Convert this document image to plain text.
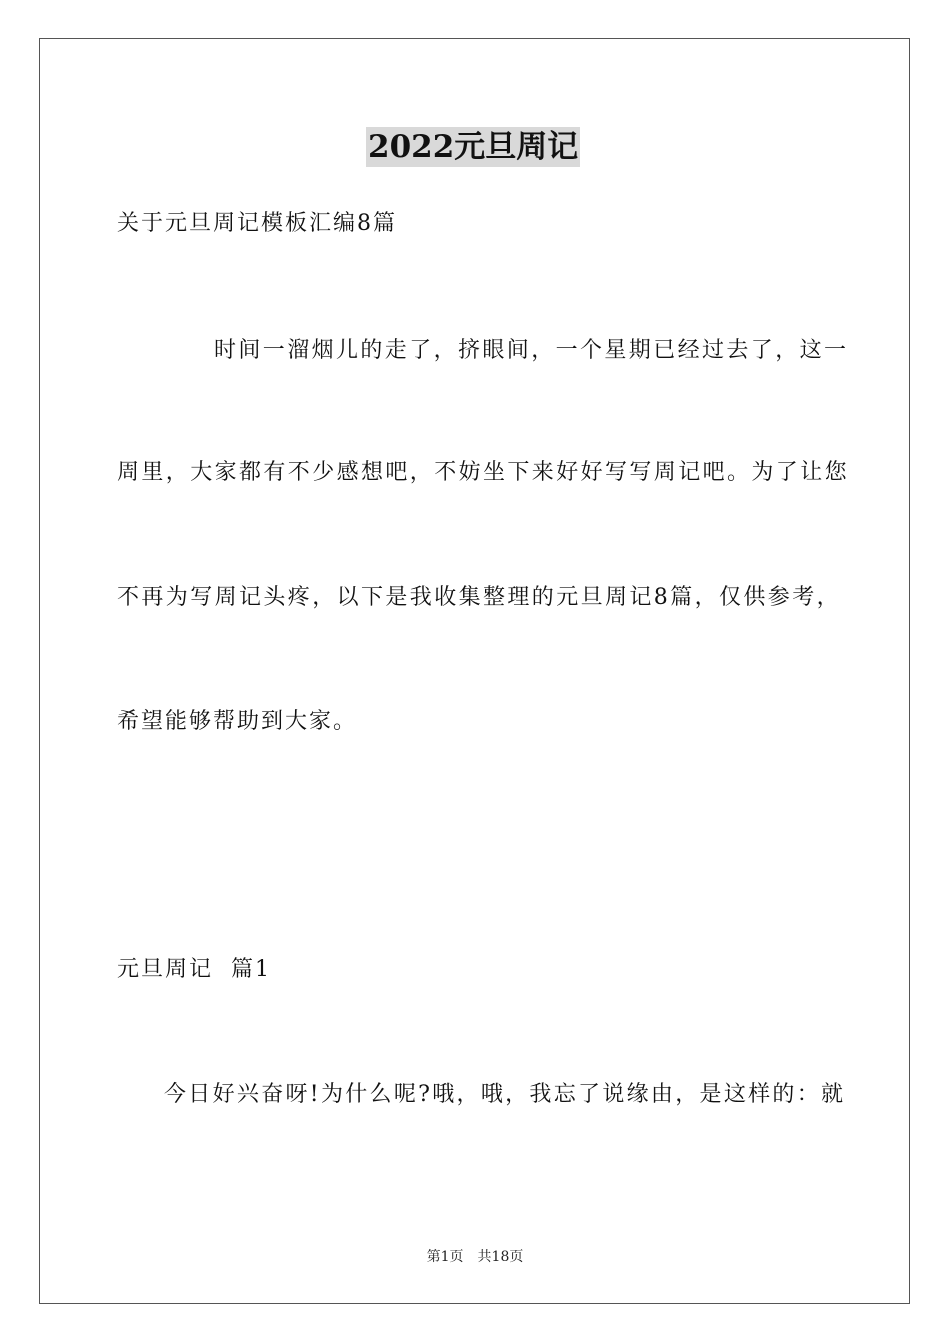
2022元旦周记
关于元旦周记模板汇编8篇
时间一溜烟儿的走了，挤眼间，一个星期已经过去了，这一
周里，大家都有不少感想吧，不妨坐下来好好写写周记吧。为了让您
不再为写周记头疼，以下是我收集整理的元旦周记8篇，仅供参考，
希望能够帮助到大家。
元旦周记  篇1
今日好兴奋呀!为什么呢?哦，哦，我忘了说缘由，是这样的：就
第1页 共18页
